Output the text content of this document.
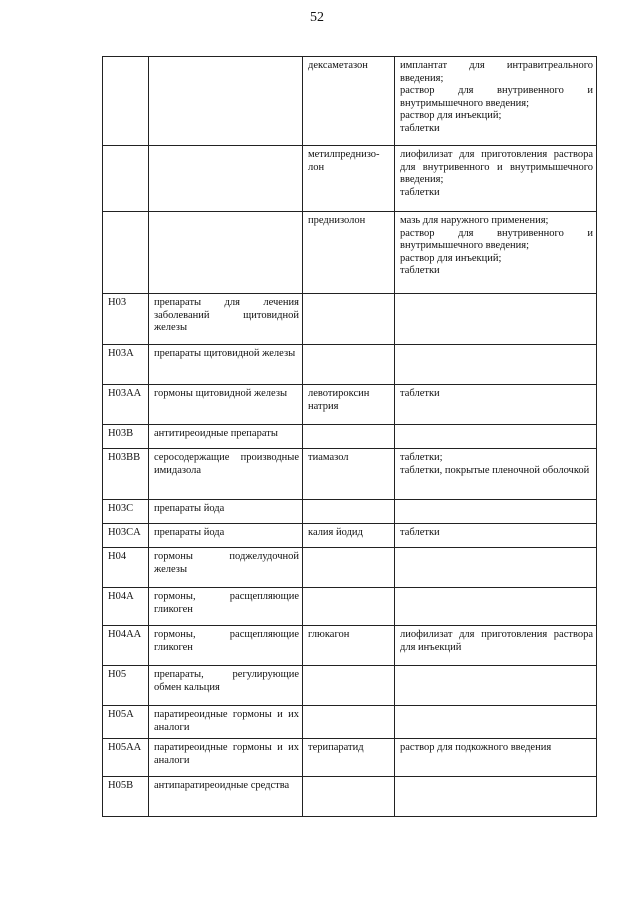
52
		дексаметазон	имплантат для интравитреального введения;
раствор для внутривенного и внутримышечного введения;
раствор для инъекций;
таблетки

		метилпреднизо-лон	лиофилизат для приготовления раствора для внутривенного и внутримышечного введения;
таблетки

		преднизолон	мазь для наружного применения;
раствор для внутривенного и внутримышечного введения;
раствор для инъекций;
таблетки

H03	препараты для лечения заболеваний щитовидной железы		
H03A	препараты щитовидной железы		
H03AA	гормоны щитовидной железы	левотироксин натрия	таблетки

H03B	антитиреоидные препараты		
H03BB	серосодержащие производные имидазола	тиамазол	таблетки;
таблетки, покрытые пленочной оболочкой

H03C	препараты йода		
H03CA	препараты йода	калия йодид	таблетки

H04	гормоны поджелудочной железы		
H04A	гормоны, расщепляющие гликоген		
H04AA	гормоны, расщепляющие гликоген	глюкагон	лиофилизат для приготовления раствора для инъекций

H05	препараты, регулирующие обмен кальция		
H05A	паратиреоидные гормоны и их аналоги		
H05AA	паратиреоидные гормоны и их аналоги	терипаратид	раствор для подкожного введения

H05B	антипаратиреоидные средства		
